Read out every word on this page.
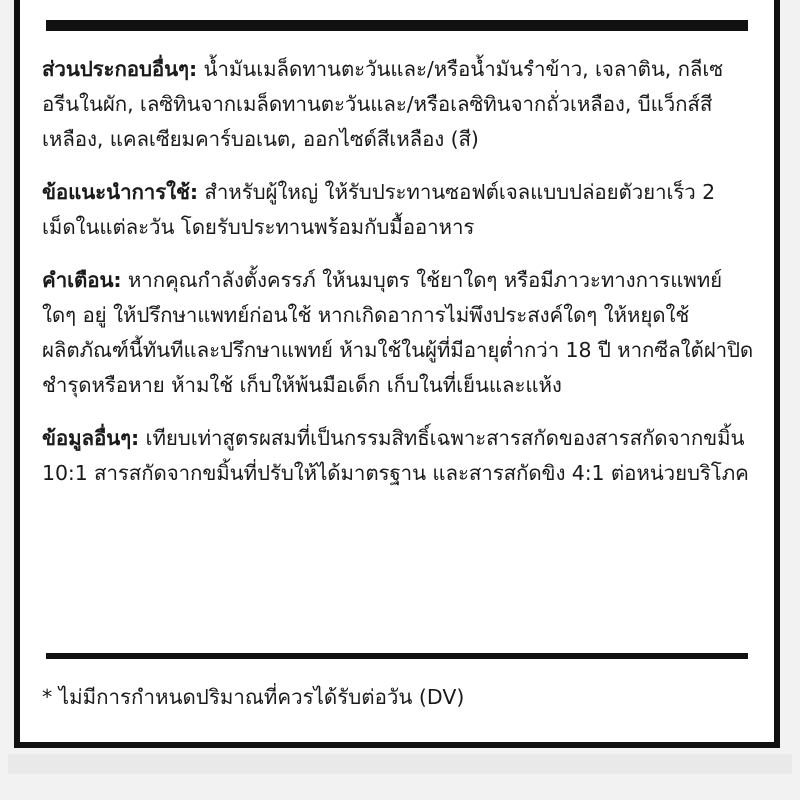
ส่วนประกอบอื่นๆ: น้ำมันเมล็ดทานตะวันและ/หรือน้ำมันรำข้าว, เจลาติน, กลีเซอรีนในผัก, เลซิทินจากเมล็ดทานตะวันและ/หรือเลซิทินจากถั่วเหลือง, บีแว็กส์สีเหลือง, แคลเซียมคาร์บอเนต, ออกไซด์สีเหลือง (สี)

ข้อแนะนำการใช้: สำหรับผู้ใหญ่ ให้รับประทานซอฟต์เจลแบบปล่อยตัวยาเร็ว 2 เม็ดในแต่ละวัน โดยรับประทานพร้อมกับมื้ออาหาร

คำเตือน: หากคุณกำลังตั้งครรภ์ ให้นมบุตร ใช้ยาใดๆ หรือมีภาวะทางการแพทย์ใดๆ อยู่ ให้ปรึกษาแพทย์ก่อนใช้ หากเกิดอาการไม่พึงประสงค์ใดๆ ให้หยุดใช้ผลิตภัณฑ์นี้ทันทีและปรึกษาแพทย์ ห้ามใช้ในผู้ที่มีอายุต่ำกว่า 18 ปี หากซีลใต้ฝาปิดชำรุดหรือหาย ห้ามใช้ เก็บให้พ้นมือเด็ก เก็บในที่เย็นและแห้ง

ข้อมูลอื่นๆ: เทียบเท่าสูตรผสมที่เป็นกรรมสิทธิ์เฉพาะสารสกัดของสารสกัดจากขมิ้น 10:1 สารสกัดจากขมิ้นที่ปรับให้ได้มาตรฐาน และสารสกัดขิง 4:1 ต่อหน่วยบริโภค

* ไม่มีการกำหนดปริมาณที่ควรได้รับต่อวัน (DV)
